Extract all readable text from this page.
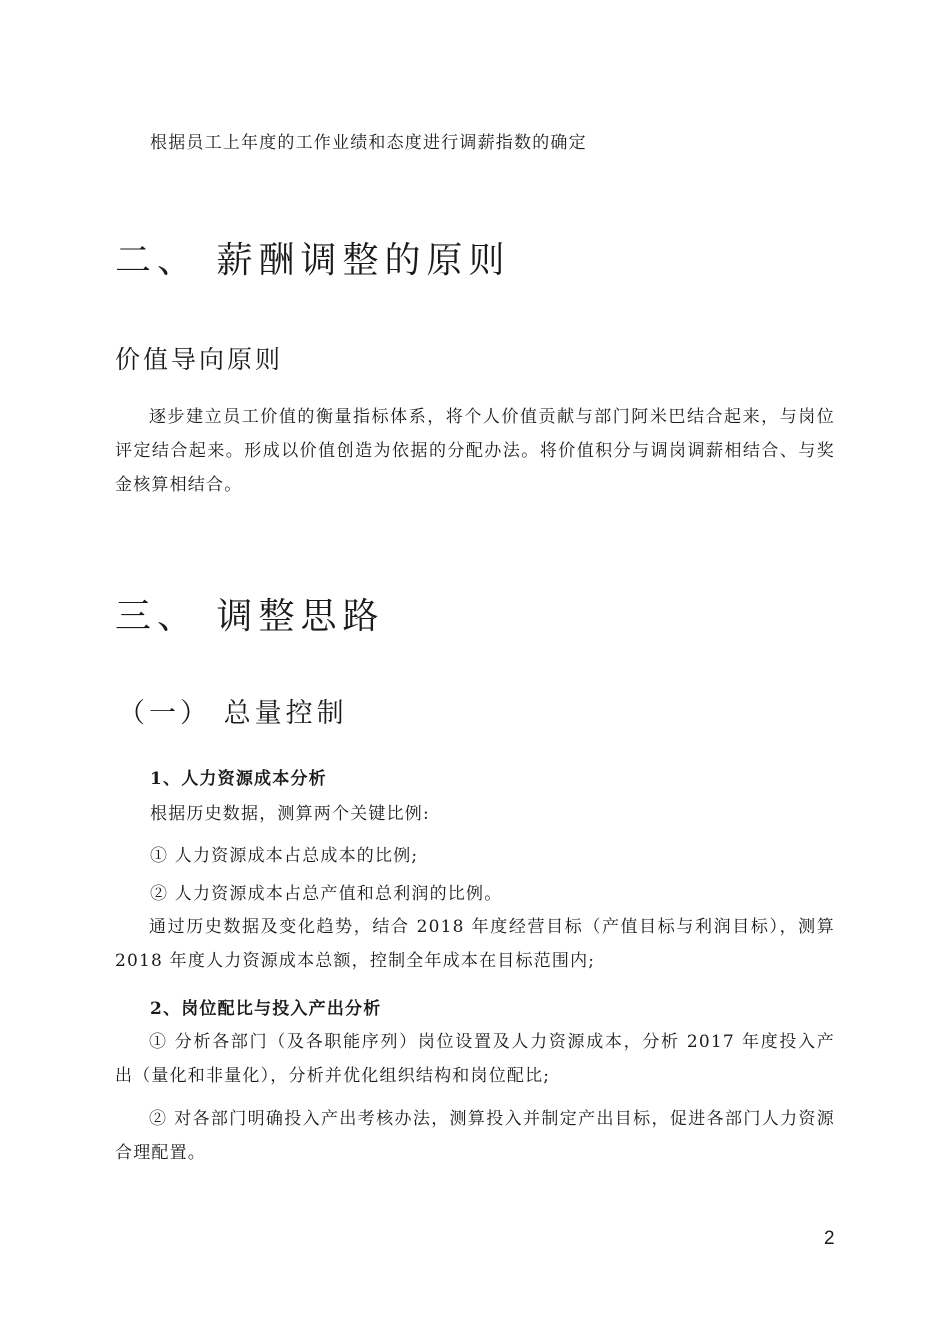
根据员工上年度的工作业绩和态度进行调薪指数的确定
二、 薪酬调整的原则
价值导向原则
逐步建立员工价值的衡量指标体系，将个人价值贡献与部门阿米巴结合起来，与岗位评定结合起来。形成以价值创造为依据的分配办法。将价值积分与调岗调薪相结合、与奖金核算相结合。
三、 调整思路
（一） 总量控制
1、人力资源成本分析
根据历史数据，测算两个关键比例:
① 人力资源成本占总成本的比例;
② 人力资源成本占总产值和总利润的比例。
通过历史数据及变化趋势，结合 2018 年度经营目标（产值目标与利润目标），测算 2018 年度人力资源成本总额，控制全年成本在目标范围内;
2、岗位配比与投入产出分析
① 分析各部门（及各职能序列）岗位设置及人力资源成本，分析 2017 年度投入产出（量化和非量化），分析并优化组织结构和岗位配比;
② 对各部门明确投入产出考核办法，测算投入并制定产出目标，促进各部门人力资源合理配置。
2
